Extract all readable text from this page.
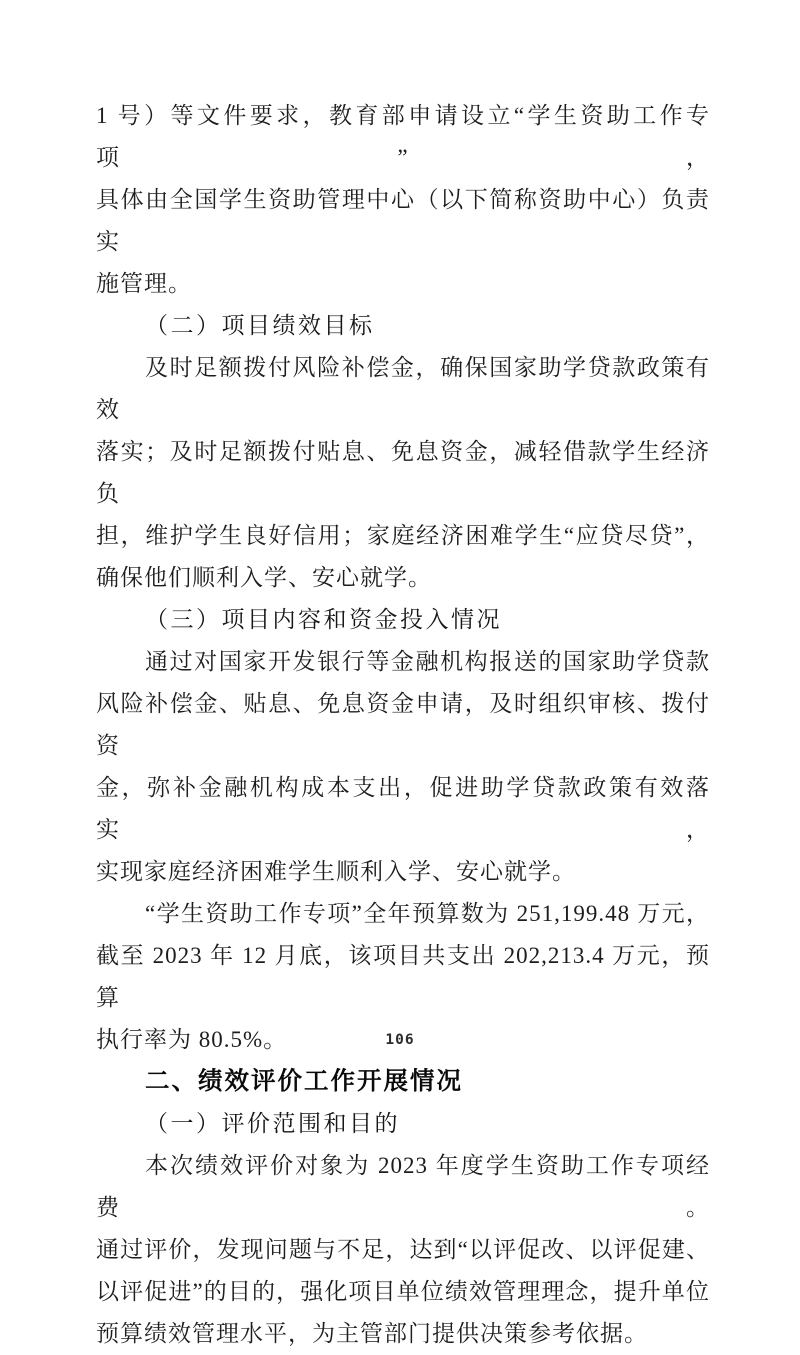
1 号）等文件要求，教育部申请设立“学生资助工作专项”，
具体由全国学生资助管理中心（以下简称资助中心）负责实
施管理。
（二）项目绩效目标
及时足额拨付风险补偿金，确保国家助学贷款政策有效
落实；及时足额拨付贴息、免息资金，减轻借款学生经济负
担，维护学生良好信用；家庭经济困难学生“应贷尽贷”，
确保他们顺利入学、安心就学。
（三）项目内容和资金投入情况
通过对国家开发银行等金融机构报送的国家助学贷款
风险补偿金、贴息、免息资金申请，及时组织审核、拨付资
金，弥补金融机构成本支出，促进助学贷款政策有效落实，
实现家庭经济困难学生顺利入学、安心就学。
“学生资助工作专项”全年预算数为 251,199.48 万元，
截至 2023 年 12 月底，该项目共支出 202,213.4 万元，预算
执行率为 80.5%。
二、绩效评价工作开展情况
（一）评价范围和目的
本次绩效评价对象为 2023 年度学生资助工作专项经费。
通过评价，发现问题与不足，达到“以评促改、以评促建、
以评促进”的目的，强化项目单位绩效管理理念，提升单位
预算绩效管理水平，为主管部门提供决策参考依据。
106
